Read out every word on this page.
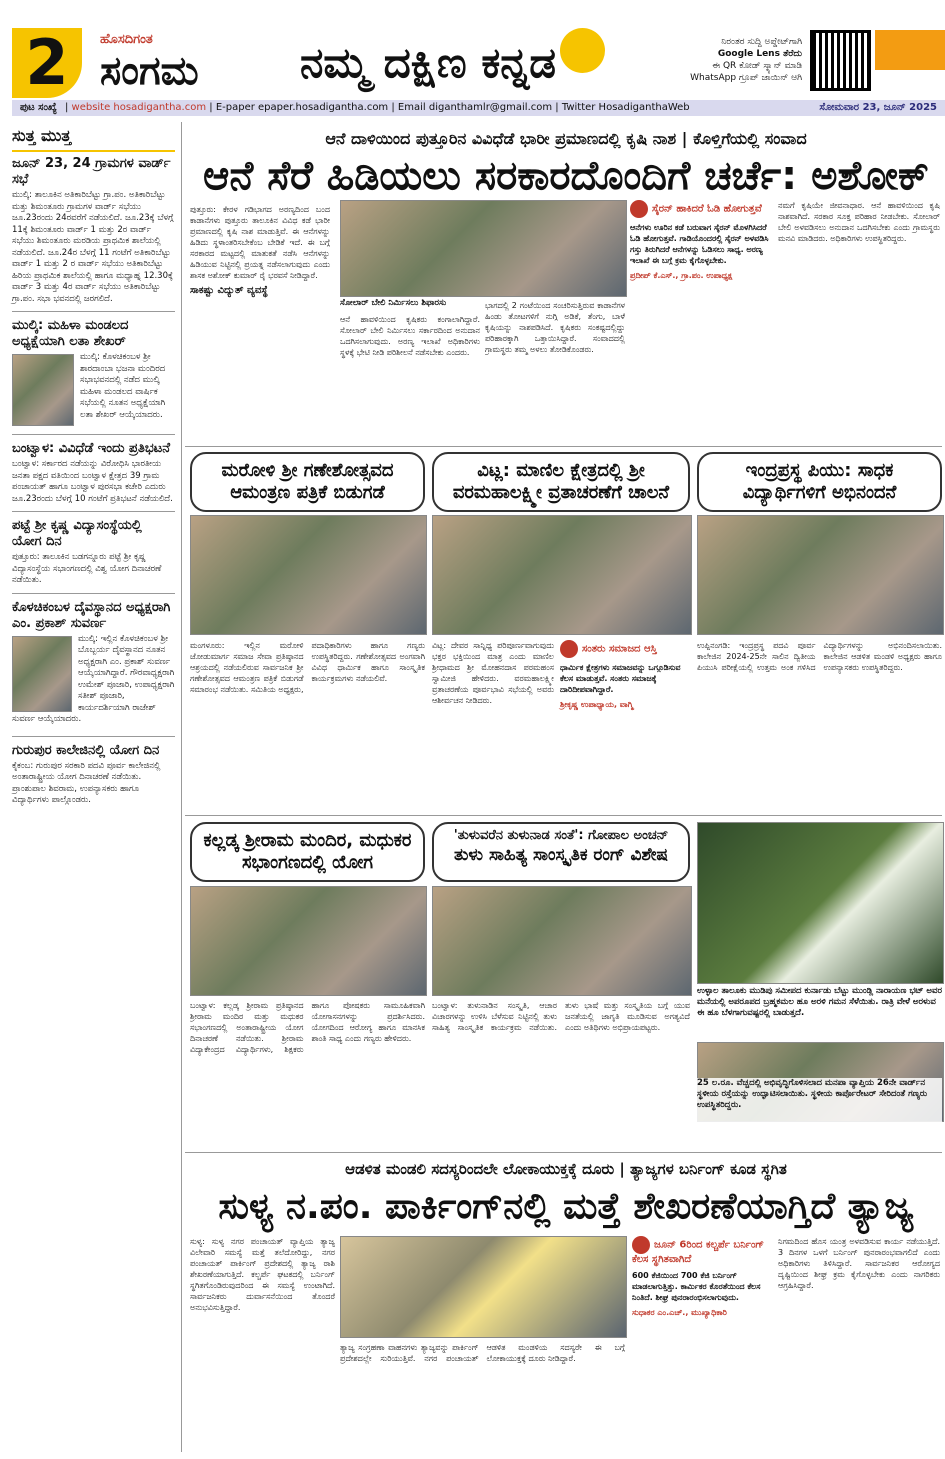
2	ಹೊಸದಿಗಂತ
ಸಂಗಮ ನಮ್ಮ ದಕ್ಷಿಣ ಕನ್ನಡ	ನಿರಂತರ ಸುದ್ದಿ ಅಪ್ಡೇಟ್‌ಗಾಗಿ
Google Lens ತೆರೆದು
ಈ QR ಕೋಡ್ ಸ್ಕ್ಯಾನ್ ಮಾಡಿ
WhatsApp ಗ್ರೂಪ್ ಜಾಯಿನ್ ಆಗಿ
ಪುಟ ಸಂಖ್ಯೆ | website hosadigantha.com | E-paper epaper.hosadigantha.com | Email diganthamlr@gmail.com | Twitter HosadiganthaWeb	ಸೋಮವಾರ 23, ಜೂನ್ 2025
ಸುತ್ತ ಮುತ್ತ
ಜೂನ್ 23, 24 ಗ್ರಾಮಗಳ ವಾರ್ಡ್ ಸಭೆ

ಮುಲ್ಕಿ: ತಾಲೂಕಿನ ಅತಿಕಾರಿಬೆಟ್ಟು ಗ್ರಾ.ಪಂ. ಅತಿಕಾರಿಬೆಟ್ಟು ಮತ್ತು ಶಿಮಂತೂರು ಗ್ರಾಮಗಳ ವಾರ್ಡ್ ಸಭೆಯು ಜೂ.23ರಂದು 24ರವರೆಗೆ ನಡೆಯಲಿದೆ. ಜೂ.23ಕ್ಕೆ ಬೆಳಗ್ಗೆ 11ಕ್ಕೆ ಶಿಮಂತೂರು ವಾರ್ಡ್ 1 ಮತ್ತು 2ರ ವಾರ್ಡ್ ಸಭೆಯು ಶಿಮಂತೂರು ಮರಡಿಯ ಪ್ರಾಥಮಿಕ ಶಾಲೆಯಲ್ಲಿ ನಡೆಯಲಿದೆ. ಜೂ.24ರ ಬೆಳಗ್ಗೆ 11 ಗಂಟೆಗೆ ಅತಿಕಾರಿಬೆಟ್ಟು ವಾರ್ಡ್ 1 ಮತ್ತು 2 ರ ವಾರ್ಡ್ ಸಭೆಯು ಅತಿಕಾರಿಬೆಟ್ಟು ಹಿರಿಯ ಪ್ರಾಥಮಿಕ ಶಾಲೆಯಲ್ಲಿ ಹಾಗೂ ಮಧ್ಯಾಹ್ನ 12.30ಕ್ಕೆ ವಾರ್ಡ್ 3 ಮತ್ತು 4ರ ವಾರ್ಡ್ ಸಭೆಯು ಅತಿಕಾರಿಬೆಟ್ಟು ಗ್ರಾ.ಪಂ. ಸಭಾ ಭವನದಲ್ಲಿ ಜರಗಲಿದೆ.

ಮುಲ್ಕಿ: ಮಹಿಳಾ ಮಂಡಲದ ಅಧ್ಯಕ್ಷೆಯಾಗಿ ಲತಾ ಶೇಖರ್

ಮುಲ್ಕಿ: ಕೊಳಚಿಕಂಬಳ ಶ್ರೀ ಶಾರದಾಂಬಾ ಭಜನಾ ಮಂದಿರದ ಸಭಾಭವನದಲ್ಲಿ ನಡೆದ ಮುಲ್ಕಿ ಮಹಿಳಾ ಮಂಡಲದ ವಾರ್ಷಿಕ ಸಭೆಯಲ್ಲಿ ನೂತನ ಅಧ್ಯಕ್ಷೆಯಾಗಿ ಲತಾ ಶೇಖರ್ ಆಯ್ಕೆಯಾದರು.

ಬಂಟ್ವಾಳ: ವಿವಿಧೆಡೆ ಇಂದು ಪ್ರತಿಭಟನೆ

ಬಂಟ್ವಾಳ: ಸರ್ಕಾರದ ನಡೆಯನ್ನು ವಿರೋಧಿಸಿ ಭಾರತೀಯ ಜನತಾ ಪಕ್ಷದ ವತಿಯಿಂದ ಬಂಟ್ವಾಳ ಕ್ಷೇತ್ರದ 39 ಗ್ರಾಮ ಪಂಚಾಯತ್ ಹಾಗೂ ಬಂಟ್ವಾಳ ಪುರಸಭಾ ಕಚೇರಿ ಎದುರು ಜೂ.23ರಂದು ಬೆಳಗ್ಗೆ 10 ಗಂಟೆಗೆ ಪ್ರತಿಭಟನೆ ನಡೆಯಲಿದೆ.

ಪಟ್ಟೆ ಶ್ರೀ ಕೃಷ್ಣ ವಿದ್ಯಾಸಂಸ್ಥೆಯಲ್ಲಿ ಯೋಗ ದಿನ

ಪುತ್ತೂರು: ತಾಲೂಕಿನ ಬಡಗನ್ನೂರು ಪಟ್ಟೆ ಶ್ರೀ ಕೃಷ್ಣ ವಿದ್ಯಾಸಂಸ್ಥೆಯ ಸಭಾಂಗಣದಲ್ಲಿ ವಿಶ್ವ ಯೋಗ ದಿನಾಚರಣೆ ನಡೆಯಿತು.

ಕೊಳಚಿಕಂಬಳ ದೈವಸ್ಥಾನದ ಅಧ್ಯಕ್ಷರಾಗಿ ಎಂ. ಪ್ರಕಾಶ್ ಸುವರ್ಣ

ಮುಲ್ಕಿ: ಇಲ್ಲಿನ ಕೊಳಚಿಕಂಬಳ ಶ್ರೀ ಬೊಬ್ಬರ್ಯ ದೈವಸ್ಥಾನದ ನೂತನ ಅಧ್ಯಕ್ಷರಾಗಿ ಎಂ. ಪ್ರಕಾಶ್ ಸುವರ್ಣ ಆಯ್ಕೆಯಾಗಿದ್ದಾರೆ. ಗೌರವಾಧ್ಯಕ್ಷರಾಗಿ ಉಮೇಶ್ ಪೂಜಾರಿ, ಉಪಾಧ್ಯಕ್ಷರಾಗಿ ಸತೀಶ್ ಪೂಜಾರಿ, ಕಾರ್ಯದರ್ಶಿಯಾಗಿ ರಾಜೇಶ್ ಸುವರ್ಣ ಆಯ್ಕೆಯಾದರು.

ಗುರುಪುರ ಕಾಲೇಜಿನಲ್ಲಿ ಯೋಗ ದಿನ

ಕೈಕಂಬ: ಗುರುಪುರ ಸರಕಾರಿ ಪದವಿ ಪೂರ್ವ ಕಾಲೇಜಿನಲ್ಲಿ ಅಂತಾರಾಷ್ಟ್ರೀಯ ಯೋಗ ದಿನಾಚರಣೆ ನಡೆಯಿತು. ಪ್ರಾಂಶುಪಾಲ ಶಿವರಾಮ, ಉಪನ್ಯಾಸಕರು ಹಾಗೂ ವಿದ್ಯಾರ್ಥಿಗಳು ಪಾಲ್ಗೊಂಡರು.

ಆನೆ ದಾಳಿಯಿಂದ ಪುತ್ತೂರಿನ ವಿವಿಧೆಡೆ ಭಾರೀ ಪ್ರಮಾಣದಲ್ಲಿ ಕೃಷಿ ನಾಶ | ಕೊಳ್ತಿಗೆಯಲ್ಲಿ ಸಂವಾದ
ಆನೆ ಸೆರೆ ಹಿಡಿಯಲು ಸರಕಾರದೊಂದಿಗೆ ಚರ್ಚೆ: ಅಶೋಕ್
ಪುತ್ತೂರು: ಕೇರಳ ಗಡಿಭಾಗದ ಅರಣ್ಯದಿಂದ ಬಂದ ಕಾಡಾನೆಗಳು ಪುತ್ತೂರು ತಾಲೂಕಿನ ವಿವಿಧ ಕಡೆ ಭಾರೀ ಪ್ರಮಾಣದಲ್ಲಿ ಕೃಷಿ ನಾಶ ಮಾಡುತ್ತಿವೆ. ಈ ಆನೆಗಳನ್ನು ಹಿಡಿದು ಸ್ಥಳಾಂತರಿಸಬೇಕೆಂಬ ಬೇಡಿಕೆ ಇದೆ. ಈ ಬಗ್ಗೆ ಸರಕಾರದ ಮಟ್ಟದಲ್ಲಿ ಮಾತುಕತೆ ನಡೆಸಿ ಆನೆಗಳನ್ನು ಹಿಡಿಯುವ ನಿಟ್ಟಿನಲ್ಲಿ ಪ್ರಯತ್ನ ನಡೆಸಲಾಗುವುದು ಎಂದು ಶಾಸಕ ಅಶೋಕ್ ಕುಮಾರ್ ರೈ ಭರವಸೆ ನೀಡಿದ್ದಾರೆ.
ಸಾಕಷ್ಟು ವಿದ್ಯುತ್ ವ್ಯವಸ್ಥೆ
ಸೋಲಾರ್ ಬೇಲಿ ನಿರ್ಮಿಸಲು ಶಿಫಾರಸು
ಆನೆ ಹಾವಳಿಯಿಂದ ಕೃಷಿಕರು ಕಂಗಾಲಾಗಿದ್ದಾರೆ. ಸೋಲಾರ್ ಬೇಲಿ ನಿರ್ಮಿಸಲು ಸರ್ಕಾರದಿಂದ ಅನುದಾನ ಒದಗಿಸಲಾಗುವುದು. ಅರಣ್ಯ ಇಲಾಖೆ ಅಧಿಕಾರಿಗಳು ಸ್ಥಳಕ್ಕೆ ಭೇಟಿ ನೀಡಿ ಪರಿಶೀಲನೆ ನಡೆಸಬೇಕು ಎಂದರು.
ಭಾಗದಲ್ಲಿ 2 ಗಂಟೆಯಿಂದ ಸಂಚರಿಸುತ್ತಿರುವ ಕಾಡಾನೆಗಳ ಹಿಂಡು ತೋಟಗಳಿಗೆ ನುಗ್ಗಿ ಅಡಿಕೆ, ತೆಂಗು, ಬಾಳೆ ಕೃಷಿಯನ್ನು ನಾಶಪಡಿಸಿದೆ. ಕೃಷಿಕರು ಸಂಕಷ್ಟದಲ್ಲಿದ್ದು ಪರಿಹಾರಕ್ಕಾಗಿ ಒತ್ತಾಯಿಸಿದ್ದಾರೆ. ಸಂವಾದದಲ್ಲಿ ಗ್ರಾಮಸ್ಥರು ತಮ್ಮ ಅಳಲು ತೋಡಿಕೊಂಡರು.
ಸೈರನ್ ಹಾಕಿದರೆ ಓಡಿ ಹೋಗುತ್ತವೆ
ಆನೆಗಳು ಊರಿನ ಕಡೆ ಬರುವಾಗ ಸೈರನ್ ಮೊಳಗಿಸಿದರೆ ಓಡಿ ಹೋಗುತ್ತವೆ. ಗಾಡಿಯೊಂದರಲ್ಲಿ ಸೈರನ್ ಅಳವಡಿಸಿ ಗಸ್ತು ತಿರುಗಿದರೆ ಆನೆಗಳನ್ನು ಓಡಿಸಲು ಸಾಧ್ಯ. ಅರಣ್ಯ ಇಲಾಖೆ ಈ ಬಗ್ಗೆ ಕ್ರಮ ಕೈಗೊಳ್ಳಬೇಕು.
ಪ್ರದೀಪ್ ಕೆ.ಎಸ್., ಗ್ರಾ.ಪಂ. ಉಪಾಧ್ಯಕ್ಷ
ನಮಗೆ ಕೃಷಿಯೇ ಜೀವನಾಧಾರ. ಆನೆ ಹಾವಳಿಯಿಂದ ಕೃಷಿ ನಾಶವಾಗಿದೆ. ಸರಕಾರ ಸೂಕ್ತ ಪರಿಹಾರ ನೀಡಬೇಕು. ಸೋಲಾರ್ ಬೇಲಿ ಅಳವಡಿಸಲು ಅನುದಾನ ಒದಗಿಸಬೇಕು ಎಂದು ಗ್ರಾಮಸ್ಥರು ಮನವಿ ಮಾಡಿದರು. ಅಧಿಕಾರಿಗಳು ಉಪಸ್ಥಿತರಿದ್ದರು.
ಮರೋಳಿ ಶ್ರೀ ಗಣೇಶೋತ್ಸವದ ಆಮಂತ್ರಣ ಪತ್ರಿಕೆ ಬಿಡುಗಡೆ
ಮಂಗಳೂರು: ಇಲ್ಲಿನ ಮರೋಳಿ ಜೋಡುಮಾರ್ಗ ಸಮಾಜ ಸೇವಾ ಪ್ರತಿಷ್ಠಾನದ ಆಶ್ರಯದಲ್ಲಿ ನಡೆಯಲಿರುವ ಸಾರ್ವಜನಿಕ ಶ್ರೀ ಗಣೇಶೋತ್ಸವದ ಆಮಂತ್ರಣ ಪತ್ರಿಕೆ ಬಿಡುಗಡೆ ಸಮಾರಂಭ ನಡೆಯಿತು. ಸಮಿತಿಯ ಅಧ್ಯಕ್ಷರು, ಪದಾಧಿಕಾರಿಗಳು ಹಾಗೂ ಗಣ್ಯರು ಉಪಸ್ಥಿತರಿದ್ದರು. ಗಣೇಶೋತ್ಸವದ ಅಂಗವಾಗಿ ವಿವಿಧ ಧಾರ್ಮಿಕ ಹಾಗೂ ಸಾಂಸ್ಕೃತಿಕ ಕಾರ್ಯಕ್ರಮಗಳು ನಡೆಯಲಿವೆ.
ವಿಟ್ಲ: ಮಾಣಿಲ ಕ್ಷೇತ್ರದಲ್ಲಿ ಶ್ರೀ ವರಮಹಾಲಕ್ಷ್ಮೀ ವ್ರತಾಚರಣೆಗೆ ಚಾಲನೆ
ವಿಟ್ಲ: ದೇವರ ಸಾನ್ನಿಧ್ಯ ಪರಿಪೂರ್ಣವಾಗುವುದು ಭಕ್ತರ ಭಕ್ತಿಯಿಂದ ಮಾತ್ರ ಎಂದು ಮಾಣಿಲ ಶ್ರೀಧಾಮದ ಶ್ರೀ ಮೋಹನದಾಸ ಪರಮಹಂಸ ಸ್ವಾಮೀಜಿ ಹೇಳಿದರು. ವರಮಹಾಲಕ್ಷ್ಮೀ ವ್ರತಾಚರಣೆಯ ಪೂರ್ವಭಾವಿ ಸಭೆಯಲ್ಲಿ ಅವರು ಆಶೀರ್ವಚನ ನೀಡಿದರು.
ಸಂತರು ಸಮಾಜದ ಆಸ್ತಿ
ಧಾರ್ಮಿಕ ಕ್ಷೇತ್ರಗಳು ಸಮಾಜವನ್ನು ಒಗ್ಗೂಡಿಸುವ ಕೆಲಸ ಮಾಡುತ್ತವೆ. ಸಂತರು ಸಮಾಜಕ್ಕೆ ದಾರಿದೀಪವಾಗಿದ್ದಾರೆ.
ಶ್ರೀಕೃಷ್ಣ ಉಪಾಧ್ಯಾಯ, ವಾಗ್ಮಿ
ಇಂದ್ರಪ್ರಸ್ಥ ಪಿಯು: ಸಾಧಕ ವಿದ್ಯಾರ್ಥಿಗಳಿಗೆ ಅಭಿನಂದನೆ
ಉಪ್ಪಿನಂಗಡಿ: ಇಂದ್ರಪ್ರಸ್ಥ ಪದವಿ ಪೂರ್ವ ಕಾಲೇಜಿನ 2024-25ನೇ ಸಾಲಿನ ದ್ವಿತೀಯ ಪಿಯುಸಿ ಪರೀಕ್ಷೆಯಲ್ಲಿ ಉತ್ತಮ ಅಂಕ ಗಳಿಸಿದ ವಿದ್ಯಾರ್ಥಿಗಳನ್ನು ಅಭಿನಂದಿಸಲಾಯಿತು. ಕಾಲೇಜಿನ ಆಡಳಿತ ಮಂಡಳಿ ಅಧ್ಯಕ್ಷರು ಹಾಗೂ ಉಪನ್ಯಾಸಕರು ಉಪಸ್ಥಿತರಿದ್ದರು.
ಕಲ್ಲಡ್ಕ ಶ್ರೀರಾಮ ಮಂದಿರ, ಮಧುಕರ ಸಭಾಂಗಣದಲ್ಲಿ ಯೋಗ
ಬಂಟ್ವಾಳ: ಕಲ್ಲಡ್ಕ ಶ್ರೀರಾಮ ಪ್ರತಿಷ್ಠಾನದ ಶ್ರೀರಾಮ ಮಂದಿರ ಮತ್ತು ಮಧುಕರ ಸಭಾಂಗಣದಲ್ಲಿ ಅಂತಾರಾಷ್ಟ್ರೀಯ ಯೋಗ ದಿನಾಚರಣೆ ನಡೆಯಿತು. ಶ್ರೀರಾಮ ವಿದ್ಯಾಕೇಂದ್ರದ ವಿದ್ಯಾರ್ಥಿಗಳು, ಶಿಕ್ಷಕರು ಹಾಗೂ ಪೋಷಕರು ಸಾಮೂಹಿಕವಾಗಿ ಯೋಗಾಸನಗಳನ್ನು ಪ್ರದರ್ಶಿಸಿದರು. ಯೋಗದಿಂದ ಆರೋಗ್ಯ ಹಾಗೂ ಮಾನಸಿಕ ಶಾಂತಿ ಸಾಧ್ಯ ಎಂದು ಗಣ್ಯರು ಹೇಳಿದರು.
'ತುಳುವರೆನ ತುಳುನಾಡ ಸಂತೆ': ಗೋಪಾಲ ಅಂಚನ್
ತುಳು ಸಾಹಿತ್ಯ ಸಾಂಸ್ಕೃತಿಕ ರಂಗ್ ವಿಶೇಷ
ಬಂಟ್ವಾಳ: ತುಳುನಾಡಿನ ಸಂಸ್ಕೃತಿ, ಆಚಾರ ವಿಚಾರಗಳನ್ನು ಉಳಿಸಿ ಬೆಳೆಸುವ ನಿಟ್ಟಿನಲ್ಲಿ ತುಳು ಸಾಹಿತ್ಯ ಸಾಂಸ್ಕೃತಿಕ ಕಾರ್ಯಕ್ರಮ ನಡೆಯಿತು. ತುಳು ಭಾಷೆ ಮತ್ತು ಸಂಸ್ಕೃತಿಯ ಬಗ್ಗೆ ಯುವ ಜನತೆಯಲ್ಲಿ ಜಾಗೃತಿ ಮೂಡಿಸುವ ಅಗತ್ಯವಿದೆ ಎಂದು ಅತಿಥಿಗಳು ಅಭಿಪ್ರಾಯಪಟ್ಟರು.
ಉಳ್ಳಾಲ ತಾಲೂಕು ಮುಡಿಪು ಸಮೀಪದ ಕುರ್ನಾಡು ಬೆಟ್ಟು ಮುಂಡ್ಲಿ ನಾರಾಯಣ ಭಟ್ ಅವರ ಮನೆಯಲ್ಲಿ ಅಪರೂಪದ ಬ್ರಹ್ಮಕಮಲ ಹೂ ಅರಳಿ ಗಮನ ಸೆಳೆಯಿತು. ರಾತ್ರಿ ವೇಳೆ ಅರಳುವ ಈ ಹೂ ಬೆಳಗಾಗುವಷ್ಟರಲ್ಲಿ ಬಾಡುತ್ತದೆ.
25 ಲ.ರೂ. ವೆಚ್ಚದಲ್ಲಿ ಅಭಿವೃದ್ಧಿಗೊಳಿಸಲಾದ ಮನಪಾ ವ್ಯಾಪ್ತಿಯ 26ನೇ ವಾರ್ಡ್‌ನ ಸ್ಥಳೀಯ ರಸ್ತೆಯನ್ನು ಉದ್ಘಾಟಿಸಲಾಯಿತು. ಸ್ಥಳೀಯ ಕಾರ್ಪೊರೇಟರ್ ಸೇರಿದಂತೆ ಗಣ್ಯರು ಉಪಸ್ಥಿತರಿದ್ದರು.
ಆಡಳಿತ ಮಂಡಲಿ ಸದಸ್ಯರಿಂದಲೇ ಲೋಕಾಯುಕ್ತಕ್ಕೆ ದೂರು | ತ್ಯಾಜ್ಯಗಳ ಬರ್ನಿಂಗ್ ಕೂಡ ಸ್ಥಗಿತ
ಸುಳ್ಯ ನ.ಪಂ. ಪಾರ್ಕಿಂಗ್‌ನಲ್ಲಿ ಮತ್ತೆ ಶೇಖರಣೆಯಾಗ್ತಿದೆ ತ್ಯಾಜ್ಯ
ಸುಳ್ಯ: ಸುಳ್ಯ ನಗರ ಪಂಚಾಯತ್ ವ್ಯಾಪ್ತಿಯ ತ್ಯಾಜ್ಯ ವಿಲೇವಾರಿ ಸಮಸ್ಯೆ ಮತ್ತೆ ತಲೆದೋರಿದ್ದು, ನಗರ ಪಂಚಾಯತ್ ಪಾರ್ಕಿಂಗ್ ಪ್ರದೇಶದಲ್ಲಿ ತ್ಯಾಜ್ಯ ರಾಶಿ ಶೇಖರಣೆಯಾಗುತ್ತಿದೆ. ಕಲ್ಚರ್ಪೆ ಘಟಕದಲ್ಲಿ ಬರ್ನಿಂಗ್ ಸ್ಥಗಿತಗೊಂಡಿರುವುದರಿಂದ ಈ ಸಮಸ್ಯೆ ಉಂಟಾಗಿದೆ. ಸಾರ್ವಜನಿಕರು ದುರ್ವಾಸನೆಯಿಂದ ತೊಂದರೆ ಅನುಭವಿಸುತ್ತಿದ್ದಾರೆ.
ತ್ಯಾಜ್ಯ ಸಂಗ್ರಹಣಾ ವಾಹನಗಳು ತ್ಯಾಜ್ಯವನ್ನು ಪಾರ್ಕಿಂಗ್ ಪ್ರದೇಶದಲ್ಲೇ ಸುರಿಯುತ್ತಿವೆ. ನಗರ ಪಂಚಾಯತ್ ಆಡಳಿತ ಮಂಡಳಿಯ ಸದಸ್ಯರೇ ಈ ಬಗ್ಗೆ ಲೋಕಾಯುಕ್ತಕ್ಕೆ ದೂರು ನೀಡಿದ್ದಾರೆ.
ಜೂನ್ 6ರಿಂದ ಕಲ್ಚರ್ಪೆ ಬರ್ನಿಂಗ್ ಕೆಲಸ ಸ್ಥಗಿತವಾಗಿದೆ
600 ಕೆಜಿಯಿಂದ 700 ಕೆಜಿ ಬರ್ನಿಂಗ್ ಮಾಡಲಾಗುತ್ತಿತ್ತು. ಕಾರ್ಮಿಕರ ಕೊರತೆಯಿಂದ ಕೆಲಸ ನಿಂತಿದೆ. ಶೀಘ್ರ ಪುನರಾರಂಭಿಸಲಾಗುವುದು.
ಸುಧಾಕರ ಎಂ.ಎಚ್., ಮುಖ್ಯಾಧಿಕಾರಿ
ನಿಗಮದಿಂದ ಹೊಸ ಯಂತ್ರ ಅಳವಡಿಸುವ ಕಾರ್ಯ ನಡೆಯುತ್ತಿದೆ. 3 ದಿನಗಳ ಒಳಗೆ ಬರ್ನಿಂಗ್ ಪುನರಾರಂಭವಾಗಲಿದೆ ಎಂದು ಅಧಿಕಾರಿಗಳು ತಿಳಿಸಿದ್ದಾರೆ. ಸಾರ್ವಜನಿಕರ ಆರೋಗ್ಯದ ದೃಷ್ಟಿಯಿಂದ ಶೀಘ್ರ ಕ್ರಮ ಕೈಗೊಳ್ಳಬೇಕು ಎಂದು ನಾಗರಿಕರು ಆಗ್ರಹಿಸಿದ್ದಾರೆ.
